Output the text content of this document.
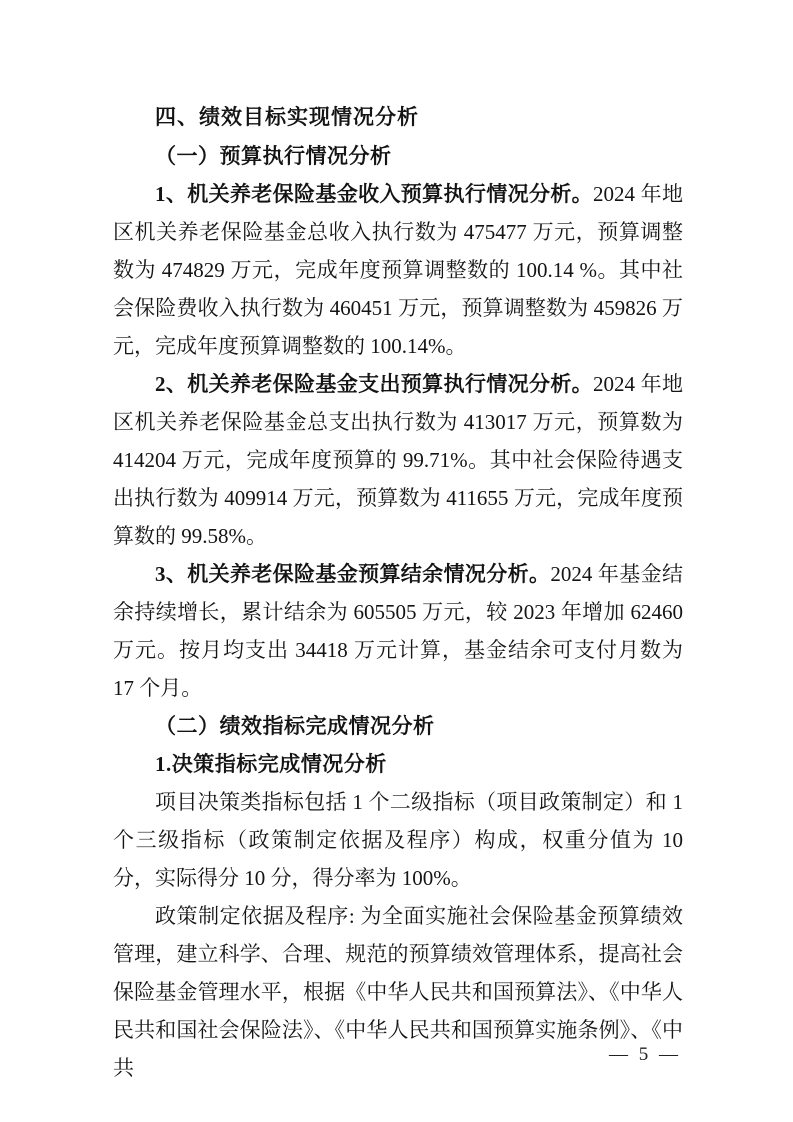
四、绩效目标实现情况分析
（一）预算执行情况分析

1、机关养老保险基金收入预算执行情况分析。2024 年地区机关养老保险基金总收入执行数为 475477 万元，预算调整数为 474829 万元，完成年度预算调整数的 100.14 %。其中社会保险费收入执行数为 460451 万元，预算调整数为 459826 万元，完成年度预算调整数的 100.14%。

2、机关养老保险基金支出预算执行情况分析。2024 年地区机关养老保险基金总支出执行数为 413017 万元，预算数为 414204 万元，完成年度预算的 99.71%。其中社会保险待遇支出执行数为 409914 万元，预算数为 411655 万元，完成年度预算数的 99.58%。

3、机关养老保险基金预算结余情况分析。2024 年基金结余持续增长，累计结余为 605505 万元，较 2023 年增加 62460 万元。按月均支出 34418 万元计算，基金结余可支付月数为 17 个月。

（二）绩效指标完成情况分析
1.决策指标完成情况分析

项目决策类指标包括 1 个二级指标（项目政策制定）和 1 个三级指标（政策制定依据及程序）构成，权重分值为 10 分，实际得分 10 分，得分率为 100%。

政策制定依据及程序: 为全面实施社会保险基金预算绩效管理，建立科学、合理、规范的预算绩效管理体系，提高社会保险基金管理水平，根据《中华人民共和国预算法》、《中华人民共和国社会保险法》、《中华人民共和国预算实施条例》、《中共

— 5 —
